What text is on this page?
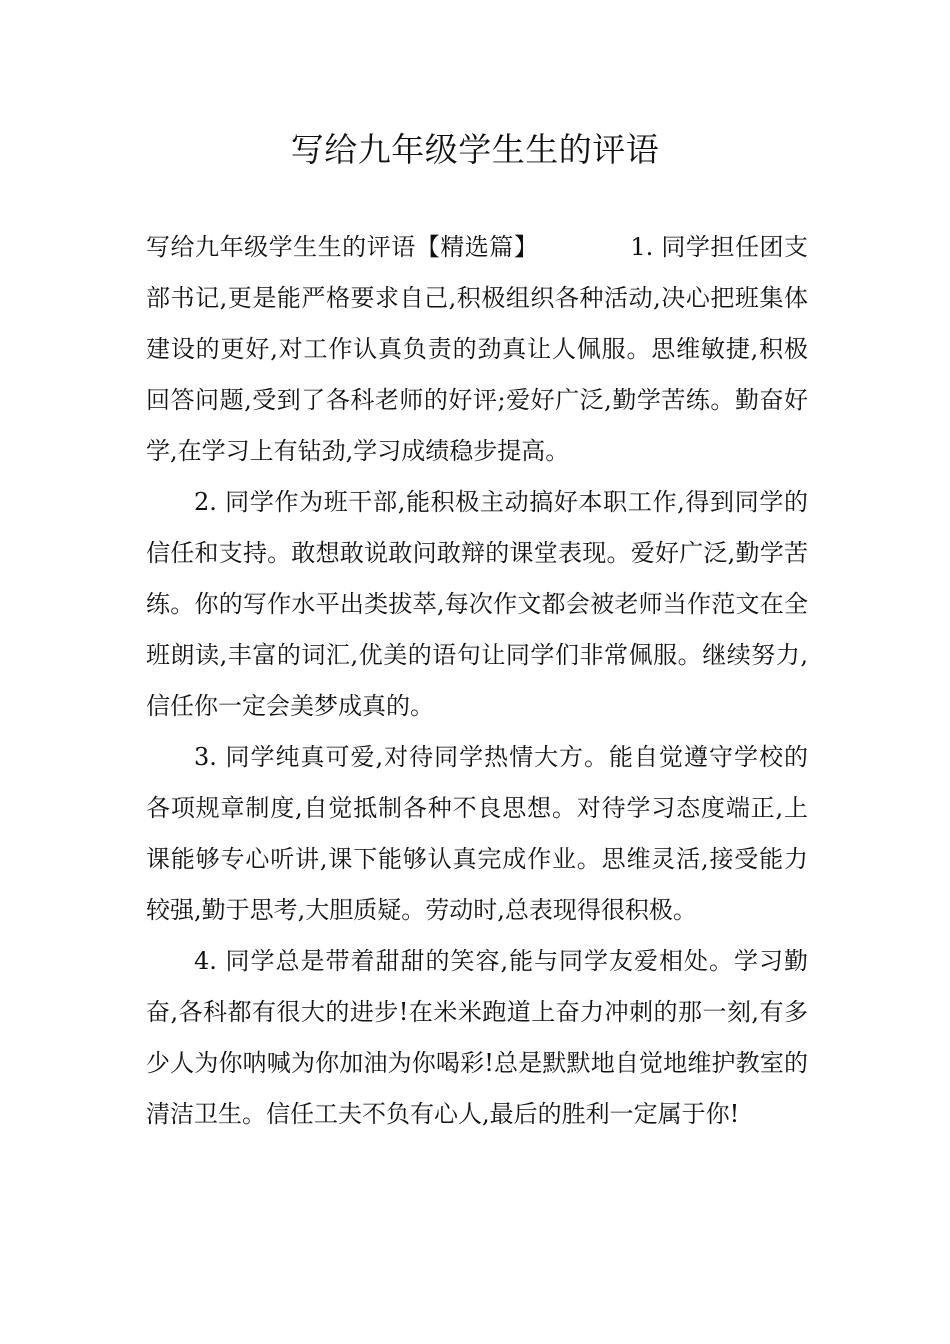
写给九年级学生生的评语

写给九年级学生生的评语【精选篇】	1. 同学担任团支部书记,更是能严格要求自己,积极组织各种活动,决心把班集体建设的更好,对工作认真负责的劲真让人佩服。思维敏捷,积极回答问题,受到了各科老师的好评;爱好广泛,勤学苦练。勤奋好学,在学习上有钻劲,学习成绩稳步提高。

2. 同学作为班干部,能积极主动搞好本职工作,得到同学的信任和支持。敢想敢说敢问敢辩的课堂表现。爱好广泛,勤学苦练。你的写作水平出类拔萃,每次作文都会被老师当作范文在全班朗读,丰富的词汇,优美的语句让同学们非常佩服。继续努力,信任你一定会美梦成真的。

3. 同学纯真可爱,对待同学热情大方。能自觉遵守学校的各项规章制度,自觉抵制各种不良思想。对待学习态度端正,上课能够专心听讲,课下能够认真完成作业。思维灵活,接受能力较强,勤于思考,大胆质疑。劳动时,总表现得很积极。

4. 同学总是带着甜甜的笑容,能与同学友爱相处。学习勤奋,各科都有很大的进步!在米米跑道上奋力冲刺的那一刻,有多少人为你呐喊为你加油为你喝彩!总是默默地自觉地维护教室的清洁卫生。信任工夫不负有心人,最后的胜利一定属于你!
